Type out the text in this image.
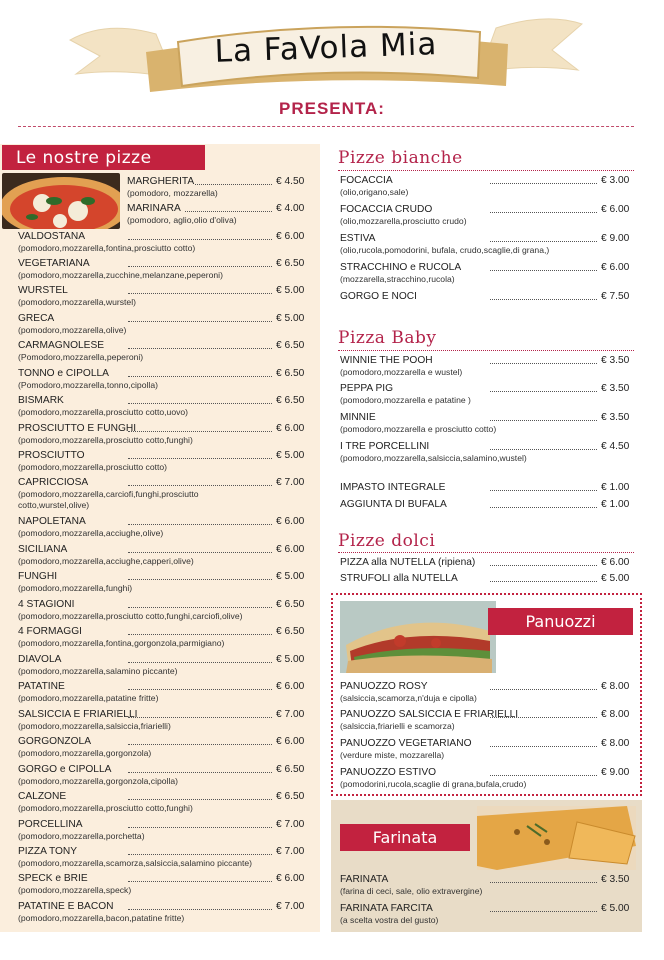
La FaVola Mia
PRESENTA:
Le nostre pizze
MARGHERITA
(pomodoro, mozzarella)
€ 4.50
MARINARA
(pomodoro, aglio,olio d'oliva)
€ 4.00
VALDOSTANA
(pomodoro,mozzarella,fontina,prosciutto cotto)
€ 6.00
VEGETARIANA
(pomodoro,mozzarella,zucchine,melanzane,peperoni)
€ 6.50
WURSTEL
(pomodoro,mozzarella,wurstel)
€ 5.00
GRECA
(pomodoro,mozzarella,olive)
€ 5.00
CARMAGNOLESE
(Pomodoro,mozzarella,peperoni)
€ 6.50
TONNO e CIPOLLA
(Pomodoro,mozzarella,tonno,cipolla)
€ 6.50
BISMARK
(pomodoro,mozzarella,prosciutto cotto,uovo)
€ 6.50
PROSCIUTTO E FUNGHI
(pomodoro,mozzarella,prosciutto cotto,funghi)
€ 6.00
PROSCIUTTO
(pomodoro,mozzarella,prosciutto cotto)
€ 5.00
CAPRICCIOSA
(pomodoro,mozzarella,carciofi,funghi,prosciutto cotto,wurstel,olive)
€ 7.00
NAPOLETANA
(pomodoro,mozzarella,acciughe,olive)
€ 6.00
SICILIANA
(pomodoro,mozzarella,acciughe,capperi,olive)
€ 6.00
FUNGHI
(pomodoro,mozzarella,funghi)
€ 5.00
4 STAGIONI
(pomodoro,mozzarella,prosciutto cotto,funghi,carciofi,olive)
€ 6.50
4 FORMAGGI
(pomodoro,mozzarella,fontina,gorgonzola,parmigiano)
€ 6.50
DIAVOLA
(pomodoro,mozzarella,salamino piccante)
€ 5.00
PATATINE
(pomodoro,mozzarella,patatine fritte)
€ 6.00
SALSICCIA E FRIARIELLI
(pomodoro,mozzarella,salsiccia,friarielli)
€ 7.00
GORGONZOLA
(pomodoro,mozzarella,gorgonzola)
€ 6.00
GORGO e CIPOLLA
(pomodoro,mozzarella,gorgonzola,cipolla)
€ 6.50
CALZONE
(pomodoro,mozzarella,prosciutto cotto,funghi)
€ 6.50
PORCELLINA
(pomodoro,mozzarella,porchetta)
€ 7.00
PIZZA TONY
(pomodoro,mozzarella,scamorza,salsiccia,salamino piccante)
€ 7.00
SPECK e BRIE
(pomodoro,mozzarella,speck)
€ 6.00
PATATINE E BACON
(pomodoro,mozzarella,bacon,patatine fritte)
€ 7.00
Pizze bianche
FOCACCIA
(olio,origano,sale)
€ 3.00
FOCACCIA CRUDO
(olio,mozzarella,prosciutto crudo)
€ 6.00
ESTIVA
(olio,rucola,pomodorini, bufala, crudo,scaglie,di grana,)
€ 9.00
STRACCHINO e RUCOLA
(mozzarella,stracchino,rucola)
€ 6.00
GORGO E NOCI	€ 7.50
Pizza Baby
WINNIE THE POOH
(pomodoro,mozzarella e wustel)
€ 3.50
PEPPA PIG
(pomodoro,mozzarella e patatine )
€ 3.50
MINNIE
(pomodoro,mozzarella e prosciutto cotto)
€ 3.50
I TRE PORCELLINI
(pomodoro,mozzarella,salsiccia,salamino,wustel)
€ 4.50
IMPASTO INTEGRALE	€ 1.00
AGGIUNTA DI BUFALA	€ 1.00
Pizze dolci
PIZZA alla NUTELLA (ripiena)	€ 6.00
STRUFOLI alla NUTELLA	€ 5.00
Panuozzi
PANUOZZO ROSY
(salsiccia,scamorza,n'duja e cipolla)
€ 8.00
PANUOZZO SALSICCIA E FRIARIELLI
(salsiccia,friarielli e scamorza)
€ 8.00
PANUOZZO VEGETARIANO
(verdure miste, mozzarella)
€ 8.00
PANUOZZO ESTIVO
(pomodorini,rucola,scaglie di grana,bufala,crudo)
€ 9.00
Farinata
FARINATA
(farina di ceci, sale, olio extravergine)
€ 3.50
FARINATA FARCITA
(a scelta vostra del gusto)
€ 5.00
